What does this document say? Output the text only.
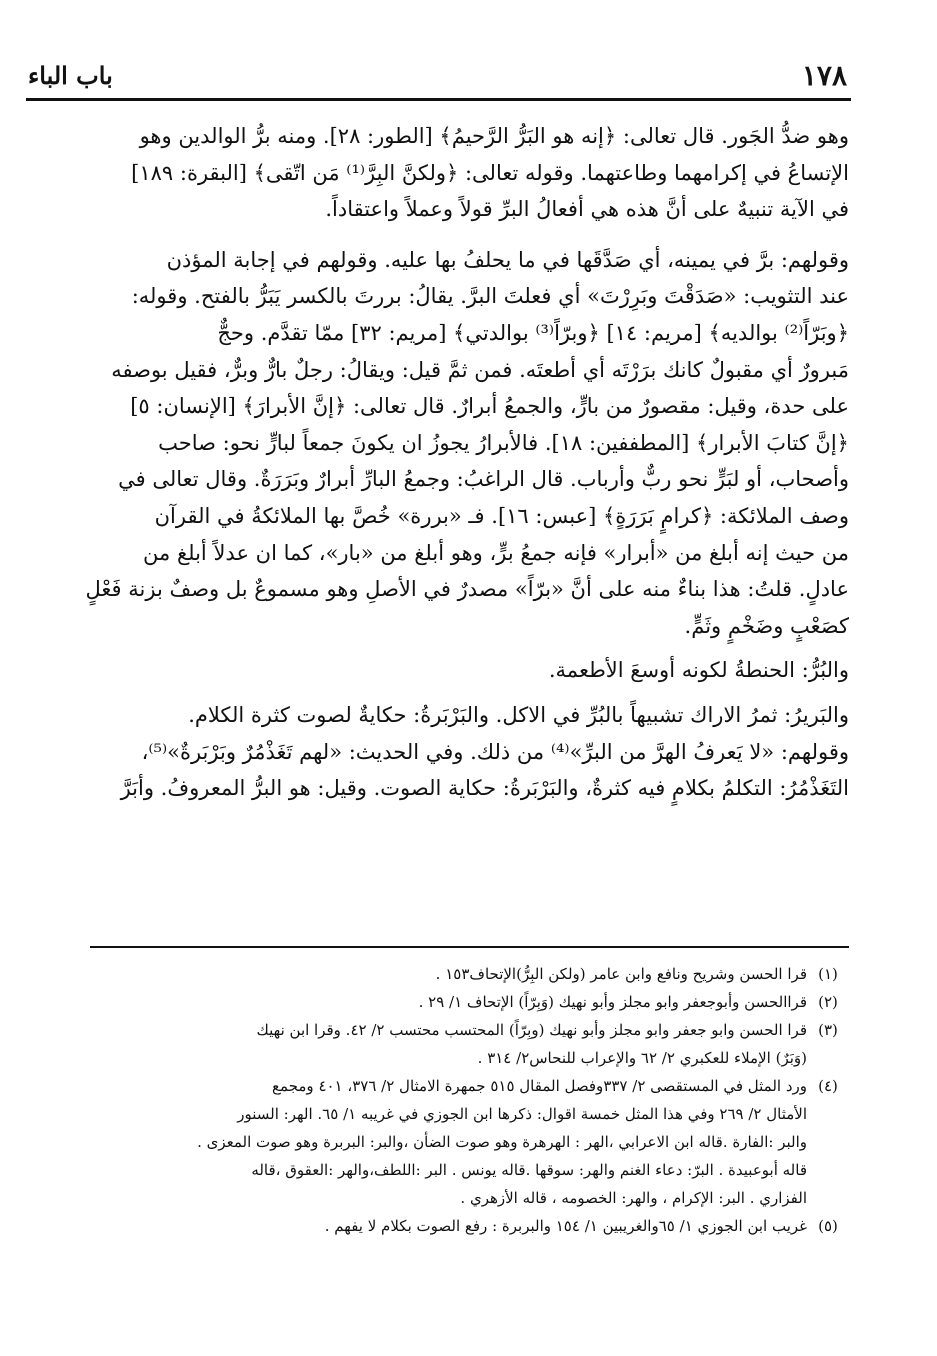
١٧٨
باب الباء
وهو ضدُّ الجَور. قال تعالى: ﴿إنه هو البَرُّ الرَّحيمُ﴾ [الطور: ٢٨]. ومنه برُّ الوالدين وهو
الإتساعُ في إكرامهما وطاعتهما. وقوله تعالى: ﴿ولكنَّ البِرَّ⁽¹⁾ مَن اتّقى﴾ [البقرة: ١٨٩]
في الآية تنبيهٌ على أنَّ هذه هي أفعالُ البرِّ قولاً وعملاً واعتقاداً.
وقولهم: برَّ في يمينه، أي صَدَّقَها في ما يحلفُ بها عليه. وقولهم في إجابة المؤذن
عند التثويب: «صَدَقْتَ وبَرِرْتَ» أي فعلتَ البرَّ. يقالُ: بررتَ بالكسر يَبَرُّ بالفتح. وقوله:
﴿وبَرّاً⁽²⁾ بوالديه﴾ [مريم: ١٤] ﴿وبرّاً⁽³⁾ بوالدتي﴾ [مريم: ٣٢] ممّا تقدَّم. وحجٌّ
مَبرورٌ أي مقبولٌ كانك برَرْتَه أي أطعتَه. فمن ثمَّ قيل: ويقالُ: رجلٌ بارٌّ وبرٌّ، فقيل بوصفه
على حدة، وقيل: مقصورٌ من بارٍّ، والجمعُ أبرارٌ. قال تعالى: ﴿إنَّ الأبرارَ﴾ [الإنسان: ٥]
﴿إنَّ كتابَ الأبرار﴾ [المطففين: ١٨]. فالأبرارُ يجوزُ ان يكونَ جمعاً لبارٍّ نحو: صاحب
وأصحاب، أو لبَرٍّ نحو ربٌّ وأرباب. قال الراغبُ: وجمعُ البارِّ أبرارٌ وبَرَرَةٌ. وقال تعالى في
وصف الملائكة: ﴿كرامٍ بَرَرَةٍ﴾ [عبس: ١٦]. فـ «بررة» خُصَّ بها الملائكةُ في القرآن
من حيث إنه أبلغ من «أبرار» فإنه جمعُ برٍّ، وهو أبلغ من «بار»، كما ان عدلاً أبلغ من
عادلٍ. قلتُ: هذا بناءٌ منه على أنَّ «برّاً» مصدرٌ في الأصلِ وهو مسموعٌ بل وصفٌ بزنة فَعْلٍ
كصَعْبٍ وضَخْمٍ وثَمٍّ.
والبُرُّ: الحنطةُ لكونه أوسعَ الأطعمة.
والبَريرُ: ثمرُ الاراك تشبيهاً بالبُرِّ في الاكل. والبَرْبَرةُ: حكايةٌ لصوت كثرة الكلام.
وقولهم: «لا يَعرفُ الهرَّ من البرِّ»⁽⁴⁾ من ذلك. وفي الحديث: «لهم تَغَذْمُرٌ وبَرْبَرةٌ»⁽⁵⁾،
التَغَذْمُرُ: التكلمُ بكلامٍ فيه كثرةٌ، والبَرْبَرةُ: حكاية الصوت. وقيل: هو البرُّ المعروفُ. وأبَرَّ
(١)قرا الحسن وشريح ونافع وابن عامر (ولكن البِرُّ)الإتحاف١٥٣ .
(٢)قراالحسن وأبوجعفر وابو مجلز وأبو نهيك (وَبِرّاً) الإتحاف ١/ ٢٩ .
(٣)قرا الحسن وابو جعفر وابو مجلز وأبو نهيك (وبِرّاً) المحتسب محتسب ٢/ ٤٢. وقرا ابن نهيك
(وَبَرٌ) الإملاء للعكبري ٢/ ٦٢ والإعراب للنحاس٢/ ٣١٤ .
(٤)ورد المثل في المستقصى ٢/ ٣٣٧وفصل المقال ٥١٥ جمهرة الامثال ٢/ ٣٧٦، ٤٠١ ومجمع
الأمثال ٢/ ٢٦٩ وفي هذا المثل خمسة اقوال: ذكرها ابن الجوزي في غريبه ١/ ٦٥. الهر: السنور
والبر :الفارة .قاله ابن الاعرابي ،الهر : الهرهرة وهو صوت الضأن ،والبر: البربرة وهو صوت المعزى .
قاله أبوعبيدة . البرّ: دعاء الغنم والهر: سوقها .قاله يونس . البر :اللطف،والهر :العقوق ،قاله
الفزاري . البر: الإكرام ، والهر: الخصومه ، قاله الأزهري .
(٥)غريب ابن الجوزي ١/ ٦٥والغريبين ١/ ١٥٤ والبربرة : رفع الصوت بكلام لا يفهم .
